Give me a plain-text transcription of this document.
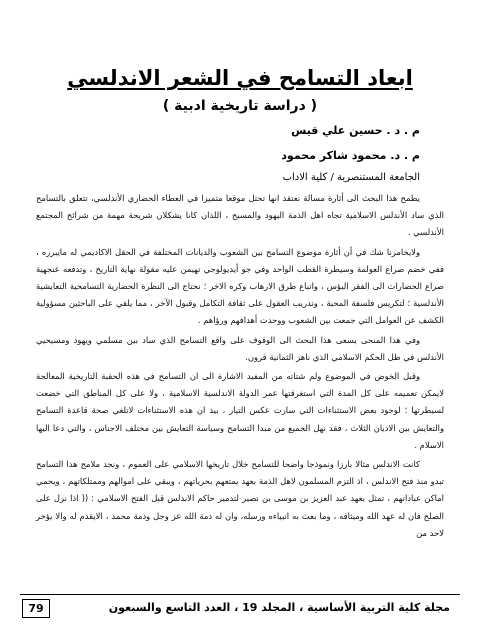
ابعاد التسامح في الشعر الاندلسي
( دراسة تاريخية ادبية )
م . د . حسين علي قيس
م . د. محمود شاكر محمود
الجامعة المستنصرية / كلية الاداب

يطمح هذا البحث الى أثارة مسالة نعتقد انها تحتل موقعا متميزا في العطاء الحضاري الأندلسي، تتعلق بالتسامح الذي ساد الأندلس الاسلامية تجاه اهل الذمة اليهود والمسيح ، اللذان كانا يشكلان شريحة مهمة من شرائح المجتمع الأندلسي .

ولايخامرنا شك في أن أثارة موضوع التسامح بين الشعوب والديانات المختلفة في الحقل الاكاديمي له مايبرره ، ففي خضم صراع العولمة وسيطرة القطب الواحد وفي جو أيديولوجي تهيمن عليه مقولة نهاية التاريخ ، وتدفعه عنجهية صراع الحضارات الى الفقر البؤس ، واتباع طرق الارهاب وكره الاخر ؛ نحتاج الى النظرة الحضارية التسامحية التعايشية الأندلسية ؛ لتكريس فلسفة المحبة ، وتدريب العقول على ثقافة التكامل وقبول الآخر ، مما يلقي على الباحثين مسؤولية الكشف عن العوامل التي جمعت بين الشعوب ووحدت أهدافهم ورؤاهم .

وفي هذا المنحى يسعى هذا البحث الى الوقوف على واقع التسامح الذي ساد بين مسلمي ويهود ومسيحيي الأندلس في ظل الحكم الاسلامي الذي ناهز الثمانية قرون.

وقبل الخوض في الموضوع ولم شتاته من المفيد الاشارة الى ان التسامح في هذه الحقبة التاريخية المعالجة لايمكن تعميمه على كل المدة التي استغرقتها عمر الدولة الاندلسية الاسلامية ، ولا على كل المناطق التي خضعت لسيطرتها ؛ لوجود بعض الاستثناءات التي سارت عكس التيار ، بيد ان هذه الاستثناءات لاتلغي صحة قاعدة التسامح والتعايش بين الاديان الثلاث ، فقد نهل الجميع من مبدا التسامح وسياسة التعايش بين مختلف الاجناس ، والتي دعا اليها الاسلام .

كانت الاندلس مثالا بارزا ونموذجا واضحا للتسامح خلال تاريخها الاسلامي على العموم ، ونجد ملامح هذا التسامح تبدو منذ فتح الاندلس ، اذ التزم المسلمون لاهل الذمة بعهد يمتعهم بحرياتهم ، ويبقي على اموالهم وممتلكاتهم ، ويحمي اماكن عباداتهم ، تمثل بعهد عبد العزيز بن موسى بن نصير لتدمير حاكم الاندلس قبل الفتح الاسلامي : (( اذا نزل على الصلح فان له عهد الله وميثاقه ، وما بعث به انبياءه ورسله، وان له ذمة الله عز وجل وذمة محمد ، الايقدم له والا يؤخر لاحد من

مجلة كلية التربية الأساسية ، المجلد 19 ، العدد التاسع والسبعون
79
